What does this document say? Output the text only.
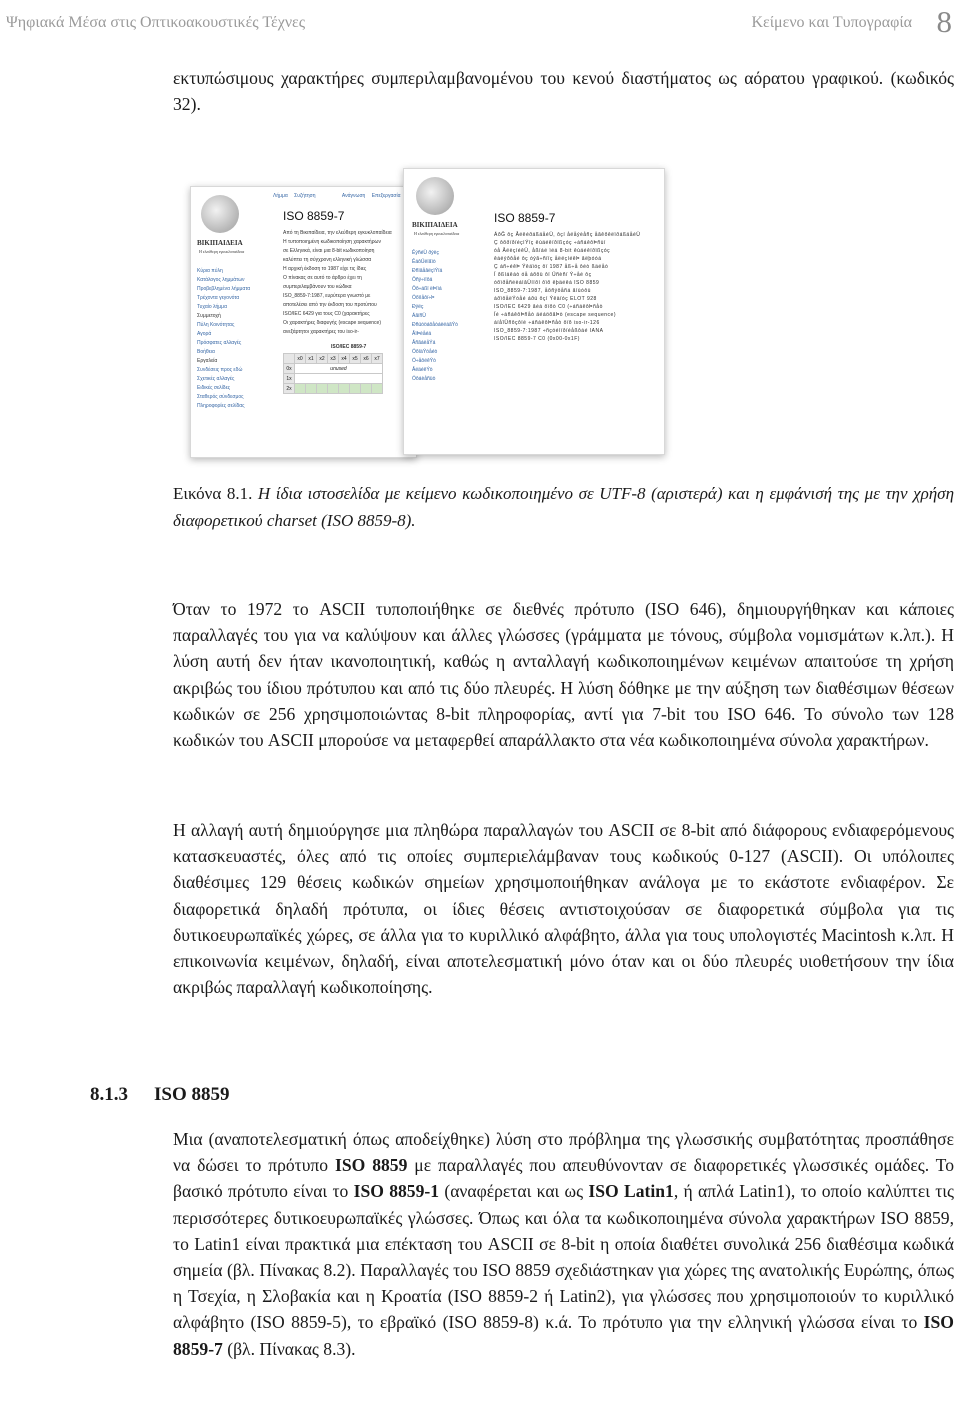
Ψηφιακά Μέσα στις Οπτικοακουστικές Τέχνες	Κείμενο και Τυπογραφία 8

εκτυπώσιμους χαρακτήρες συμπεριλαμβανομένου του κενού διαστήματος ως αόρατου γραφικού. (κωδικός 32).

ΒΙΚΙΠΑΙΔΕΙΑ
Η ελεύθερη εγκυκλοπαίδεια
Λήμμα Συζήτηση	Ανάγνωση Επεξεργασία
ISO 8859-7
Κύρια πύλη
Κατάλογος λημμάτων
Προβεβλημένα λήμματα
Τρέχοντα γεγονότα
Τυχαίο λήμμα
Συμμετοχή
Πύλη Κοινότητας
Αγορά
Πρόσφατες αλλαγές
Βοήθεια
Εργαλεία
Συνδέσεις προς εδώ
Σχετικές αλλαγές
Ειδικές σελίδες
Σταθερός σύνδεσμος
Πληροφορίες σελίδας
Από τη Βικιπαίδεια, την ελεύθερη εγκυκλοπαίδεια
Η τυποποιημένη κωδικοποίηση χαρακτήρων
σε Ελληνικά, είναι μια 8-bit κωδικοποίηση
καλύπτει τη σύγχρονη ελληνική γλώσσα
Η αρχική έκδοση το 1987 είχε τις ίδιες
Ο πίνακας σε αυτό το άρθρο έχει τη
συμπεριλαμβάνουν του κώδικα
ISO_8859-7:1987, ευρύτερα γνωστό με
αποτελέσει από την έκδοση του προτύπου
ISO/IEC 6429 για τους C0 (χαρακτήρες
Οι χαρακτήρες διαφυγής (escape sequence)
ανεξάρτητοι χαρακτήρες του iso-ir-
ISO/IEC 8859-7
	x0	x1	x2	x3	x4	x5	x6	x7
0x	unused							
1x								
2x								
ΒΙΚΙΠΑΙΔΕΙΑ
Η ελεύθερη εγκυκλοπαίδεια
ISO 8859-7
ÁðĜ ôç ÂéêéðáßäåéÜ, ôçí åëåýèåñç åãêõêëïðáßäåéÜ
Ç ôõðïðïéçìÝíç êùäéêïðïßçóç ÷áñáêôÞñùí
óå ÅëëçíéêÜ, åßíáé ìéá 8-bit êùäéêïðïßçóç
êáëýðôåé ôç óýã÷ñïíç åëëçíéêÞ ãëþóóá
Ç áñ÷éêÞ Ýêäïóç ôï 1987 åß÷å ôéò ßäéåò
Ï ðßíáêáò óå áõôü ôï Üñèñï Ý÷åé ôç
óõìðåñéëáìâÜíïõí ôïõ êþäéêá ISO 8859
ISO_8859-7:1987, åõñýôåñá ãíùóôü
áðïôåëÝóåé áðü ôçí Ýêäïóç ELOT 928
ISO/IEC 6429 ãéá ôïõò C0 (÷áñáêôÞñåò
Ïé ÷áñáêôÞñåò äéáöõãÞò (escape sequence)
áíåîÜñôçôïé ÷áñáêôÞñåò ôïõ iso-ir-126
ISO_8859-7:1987 ÷ñçóéìïðïéåßôáé IANA
ISO/IEC 8859-7 C0 (0x00-0x1F)
ÊýñéÜ ðýëç
ÊáôÜëïãïò
ÐñïâåâëçìÝíá
Ôñý÷ïíôá
Ôõ÷áßï ëÞììá
Óõììåôï÷Þ
Ðýëç
ÁãïñÜ
ÐñüóöáôåòáëëáãÝò
ÂïÞèåéá
ÅñãáëåÝá
ÓõíäÝóåéò
Ó÷åôéêÝò
ÅéäéêÝò
Óôáèåñüò

Εικόνα 8.1. Η ίδια ιστοσελίδα με κείμενο κωδικοποιημένο σε UTF-8 (αριστερά) και η εμφάνισή της με την χρήση διαφορετικού charset (ISO 8859-8).

Όταν το 1972 το ASCII τυποποιήθηκε σε διεθνές πρότυπο (ISO 646), δημιουργήθηκαν και κάποιες παραλλαγές του για να καλύψουν και άλλες γλώσσες (γράμματα με τόνους, σύμβολα νομισμάτων κ.λπ.). Η λύση αυτή δεν ήταν ικανοποιητική, καθώς η ανταλλαγή κωδικοποιημένων κειμένων απαιτούσε τη χρήση ακριβώς του ίδιου πρότυπου και από τις δύο πλευρές. Η λύση δόθηκε με την αύξηση των διαθέσιμων θέσεων κωδικών σε 256 χρησιμοποιώντας 8-bit πληροφορίας, αντί για 7-bit του ISO 646. Το σύνολο των 128 κωδικών του ASCII μπορούσε να μεταφερθεί απαράλλακτο στα νέα κωδικοποιημένα σύνολα χαρακτήρων.

Η αλλαγή αυτή δημιούργησε μια πληθώρα παραλλαγών του ASCII σε 8-bit από διάφορους ενδιαφερόμενους κατασκευαστές, όλες από τις οποίες συμπεριελάμβαναν τους κωδικούς 0-127 (ASCII). Οι υπόλοιπες διαθέσιμες 129 θέσεις κωδικών σημείων χρησιμοποιήθηκαν ανάλογα με το εκάστοτε ενδιαφέρον. Σε διαφορετικά δηλαδή πρότυπα, οι ίδιες θέσεις αντιστοιχούσαν σε διαφορετικά σύμβολα για τις δυτικοευρωπαϊκές χώρες, σε άλλα για το κυριλλικό αλφάβητο, άλλα για τους υπολογιστές Macintosh κ.λπ. Η επικοινωνία κειμένων, δηλαδή, είναι αποτελεσματική μόνο όταν και οι δύο πλευρές υιοθετήσουν την ίδια ακριβώς παραλλαγή κωδικοποίησης.

8.1.3 ISO 8859

Μια (αναποτελεσματική όπως αποδείχθηκε) λύση στο πρόβλημα της γλωσσικής συμβατότητας προσπάθησε να δώσει το πρότυπο ISO 8859 με παραλλαγές που απευθύνονταν σε διαφορετικές γλωσσικές ομάδες. Το βασικό πρότυπο είναι το ISO 8859-1 (αναφέρεται και ως ISO Latin1, ή απλά Latin1), το οποίο καλύπτει τις περισσότερες δυτικοευρωπαϊκές γλώσσες. Όπως και όλα τα κωδικοποιημένα σύνολα χαρακτήρων ISO 8859, το Latin1 είναι πρακτικά μια επέκταση του ASCII σε 8-bit η οποία διαθέτει συνολικά 256 διαθέσιμα κωδικά σημεία (βλ. Πίνακας 8.2). Παραλλαγές του ISO 8859 σχεδιάστηκαν για χώρες της ανατολικής Ευρώπης, όπως η Τσεχία, η Σλοβακία και η Κροατία (ISO 8859-2 ή Latin2), για γλώσσες που χρησιμοποιούν το κυριλλικό αλφάβητο (ISO 8859-5), το εβραϊκό (ISO 8859-8) κ.ά. Το πρότυπο για την ελληνική γλώσσα είναι το ISO 8859-7 (βλ. Πίνακας 8.3).
